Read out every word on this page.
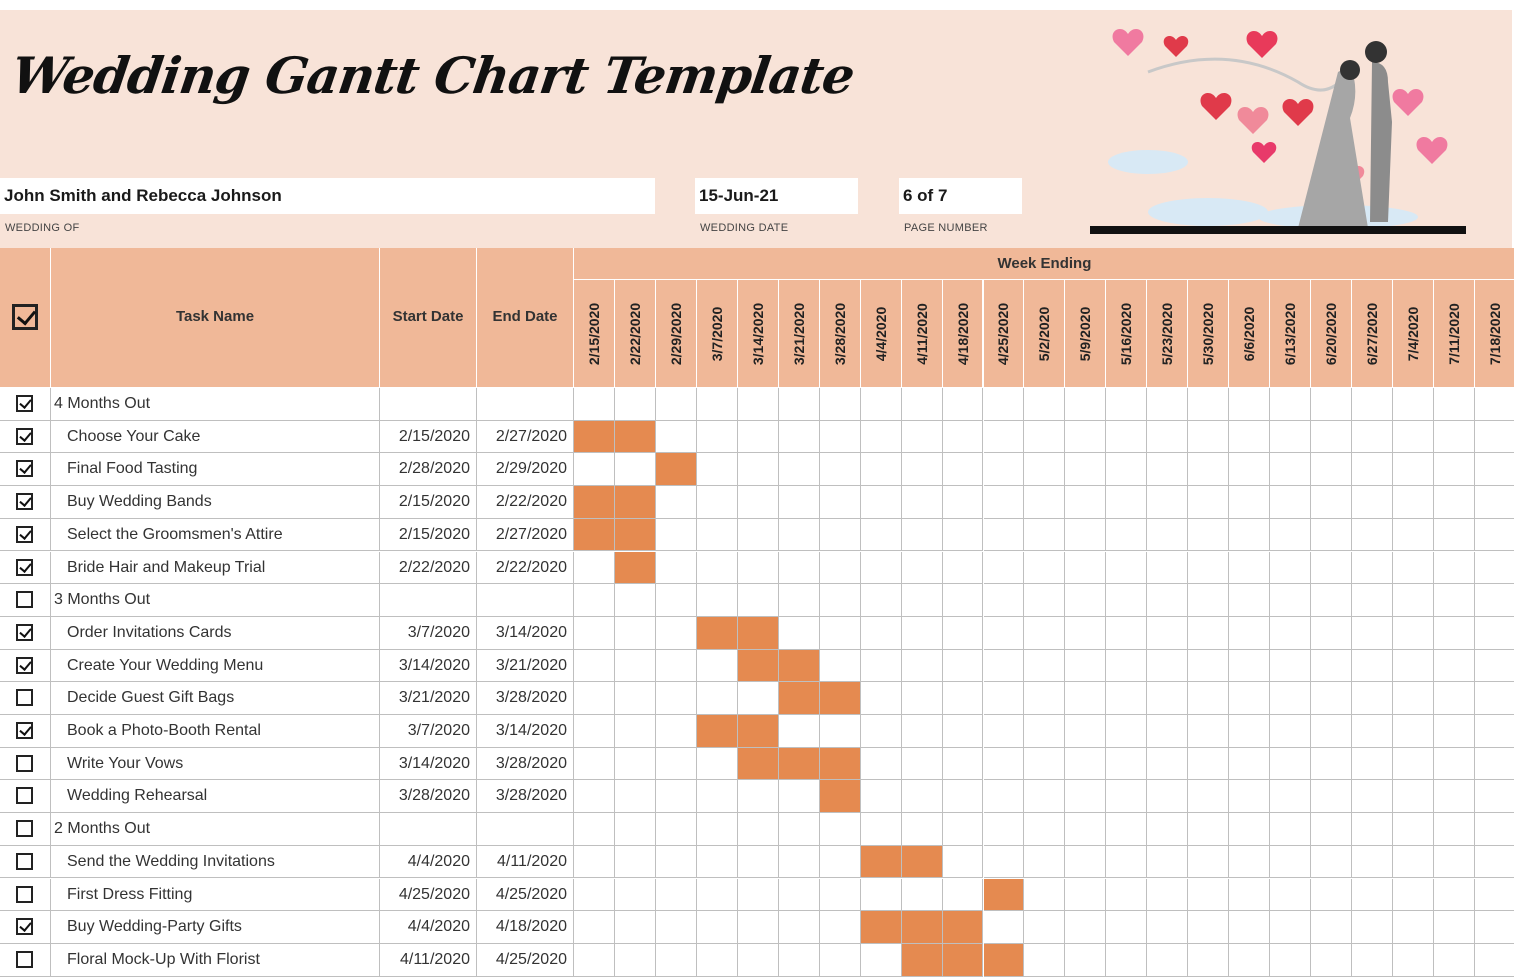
Wedding Gantt Chart Template
John Smith and Rebecca Johnson
WEDDING OF
15-Jun-21
WEDDING DATE
6 of 7
PAGE NUMBER
Task Name	Start Date	End Date
Week Ending
2/15/2020 2/22/2020 2/29/2020 3/7/2020 3/14/2020 3/21/2020 3/28/2020 4/4/2020 4/11/2020 4/18/2020 4/25/2020 5/2/2020 5/9/2020 5/16/2020 5/23/2020 5/30/2020 6/6/2020 6/13/2020 6/20/2020 6/27/2020 7/4/2020 7/11/2020 7/18/2020
4 Months Out
Choose Your Cake	2/15/2020	2/27/2020
Final Food Tasting	2/28/2020	2/29/2020
Buy Wedding Bands	2/15/2020	2/22/2020
Select the Groomsmen's Attire	2/15/2020	2/27/2020
Bride Hair and Makeup Trial	2/22/2020	2/22/2020
3 Months Out
Order Invitations Cards	3/7/2020	3/14/2020
Create Your Wedding Menu	3/14/2020	3/21/2020
Decide Guest Gift Bags	3/21/2020	3/28/2020
Book a Photo-Booth Rental	3/7/2020	3/14/2020
Write Your Vows	3/14/2020	3/28/2020
Wedding Rehearsal	3/28/2020	3/28/2020
2 Months Out
Send the Wedding Invitations	4/4/2020	4/11/2020
First Dress Fitting	4/25/2020	4/25/2020
Buy Wedding-Party Gifts	4/4/2020	4/18/2020
Floral Mock-Up With Florist	4/11/2020	4/25/2020
